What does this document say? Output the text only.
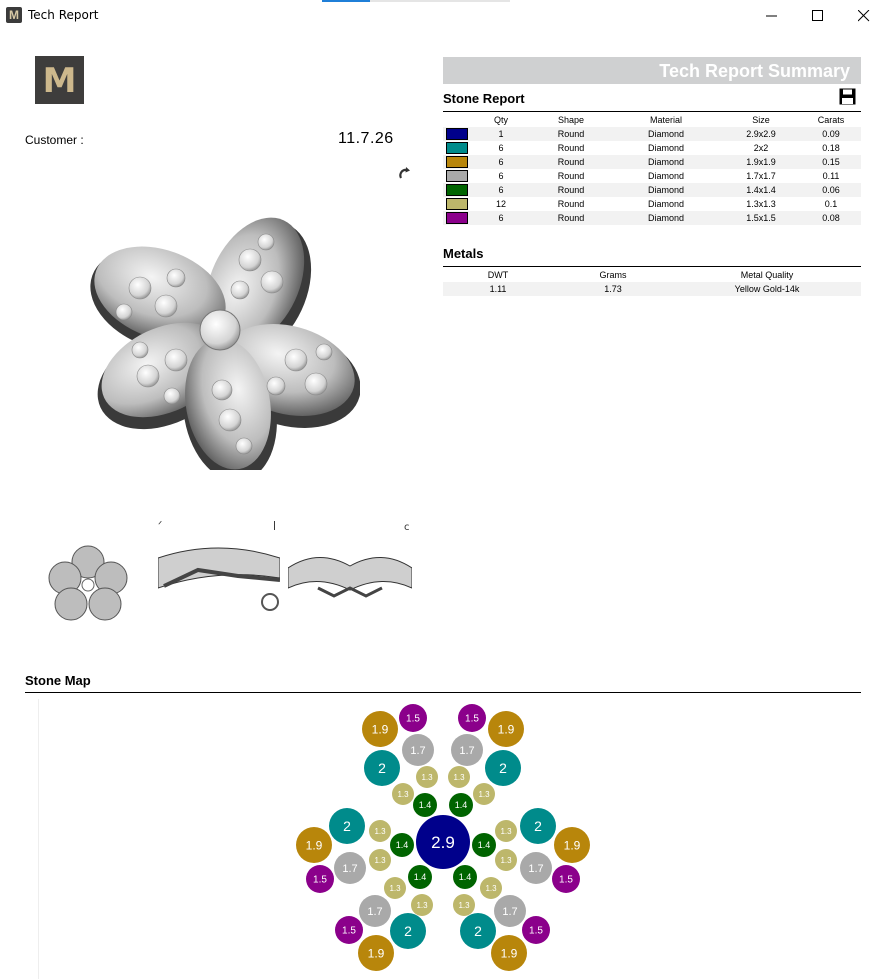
M Tech Report
M
Customer :	11.7.26
ᐟ	ǀ	c
Tech Report Summary
Stone Report
	Qty	Shape	Material	Size	Carats
	1	Round	Diamond	2.9x2.9	0.09
	6	Round	Diamond	2x2	0.18
	6	Round	Diamond	1.9x1.9	0.15
	6	Round	Diamond	1.7x1.7	0.11
	6	Round	Diamond	1.4x1.4	0.06
	12	Round	Diamond	1.3x1.3	0.1
	6	Round	Diamond	1.5x1.5	0.08
Metals
DWT	Grams	Metal Quality
1.11	1.73	Yellow Gold-14k
Stone Map
1.9
1.5	1.5
1.9
1.7	1.7
2	2
1.3	1.3
1.3	1.3
1.4	1.4
2	2
1.3	1.3
1.4	1.4
2.9
1.9	1.9
1.3	1.3
1.7	1.7
1.5	1.5
1.4	1.4
1.3	1.3
1.3	1.3
1.7	1.7
2	2
1.5	1.5
1.9	1.9
